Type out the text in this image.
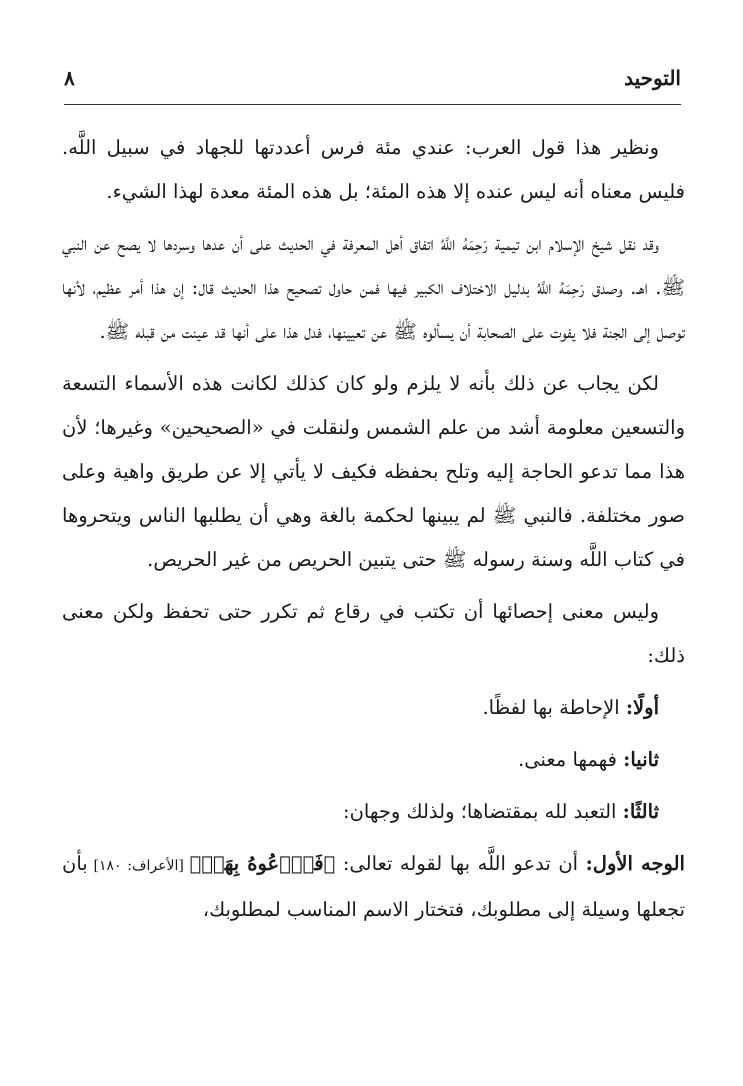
التوحيد
٨

ونظير هذا قول العرب: عندي مئة فرس أعددتها للجهاد في سبيل اللَّه. فليس معناه أنه ليس عنده إلا هذه المئة؛ بل هذه المئة معدة لهذا الشيء.

وقد نقل شيخ الإسلام ابن تيمية رَحِمَهُ اللَّهُ اتفاق أهل المعرفة في الحديث على أن عدها وسردها لا يصح عن النبي ﷺ. اهـ. وصدق رَحِمَهُ اللَّهُ بدليل الاختلاف الكبير فيها فمن حاول تصحيح هذا الحديث قال: إن هذا أمر عظيم، لأنها توصل إلى الجنة فلا يفوت على الصحابة أن يسألوه ﷺ عن تعيينها، فدل هذا على أنها قد عينت من قبله ﷺ.

لكن يجاب عن ذلك بأنه لا يلزم ولو كان كذلك لكانت هذه الأسماء التسعة والتسعين معلومة أشد من علم الشمس ولنقلت في «الصحيحين» وغيرها؛ لأن هذا مما تدعو الحاجة إليه وتلح بحفظه فكيف لا يأتي إلا عن طريق واهية وعلى صور مختلفة. فالنبي ﷺ لم يبينها لحكمة بالغة وهي أن يطلبها الناس ويتحروها في كتاب اللَّه وسنة رسوله ﷺ حتى يتبين الحريص من غير الحريص.

وليس معنى إحصائها أن تكتب في رقاع ثم تكرر حتى تحفظ ولكن معنى ذلك:

أولًا: الإحاطة بها لفظًا.

ثانيا: فهمها معنى.

ثالثًا: التعبد لله بمقتضاها؛ ولذلك وجهان:

الوجه الأول: أن تدعو اللَّه بها لقوله تعالى: ﴿فَٱدۡعُوهُ بِهَاۖ﴾ [الأعراف: ١٨٠] بأن تجعلها وسيلة إلى مطلوبك، فتختار الاسم المناسب لمطلوبك،
